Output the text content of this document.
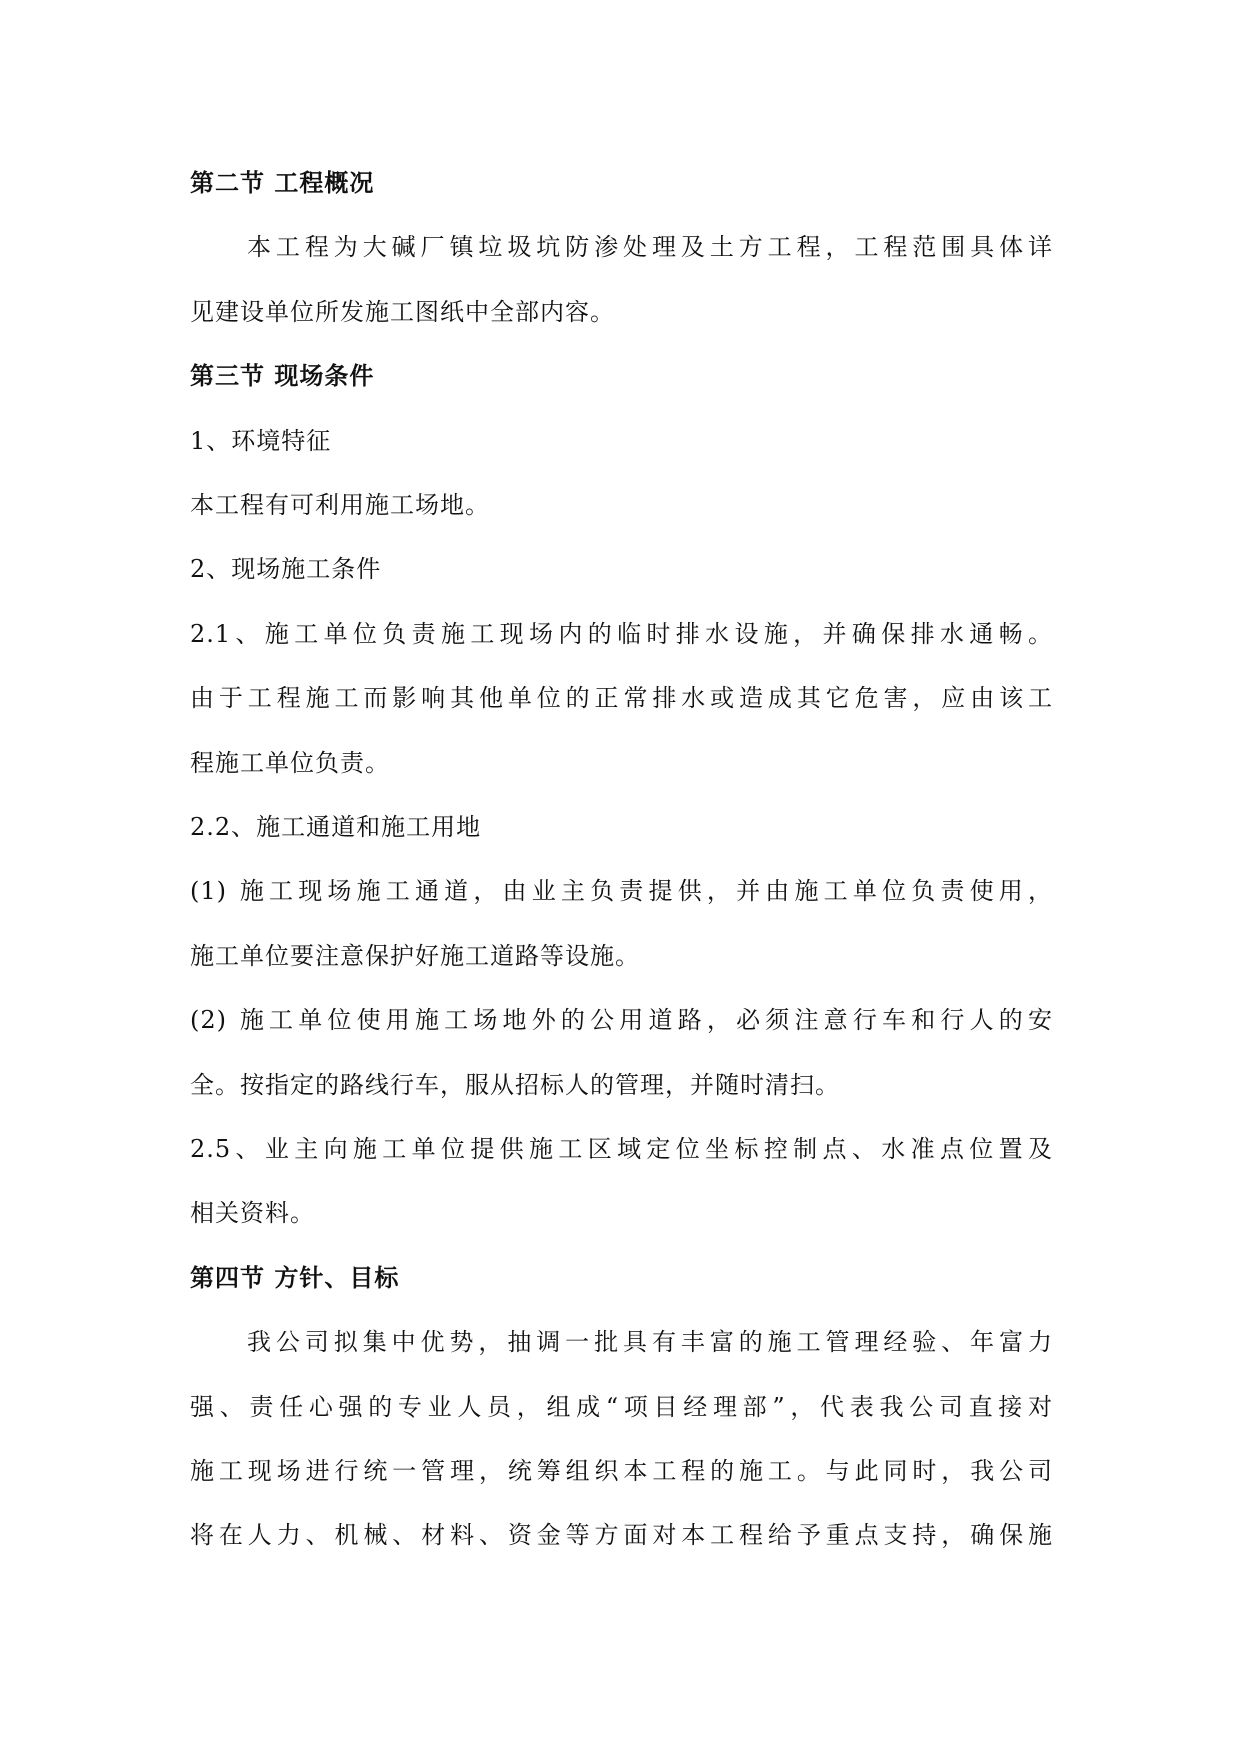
第二节 工程概况
本工程为大碱厂镇垃圾坑防渗处理及土方工程，工程范围具体详
见建设单位所发施工图纸中全部内容。
第三节 现场条件
1、环境特征
本工程有可利用施工场地。
2、现场施工条件
2.1、施工单位负责施工现场内的临时排水设施，并确保排水通畅。
由于工程施工而影响其他单位的正常排水或造成其它危害，应由该工
程施工单位负责。
2.2、施工通道和施工用地
(1) 施工现场施工通道，由业主负责提供，并由施工单位负责使用，
施工单位要注意保护好施工道路等设施。
(2) 施工单位使用施工场地外的公用道路，必须注意行车和行人的安
全。按指定的路线行车，服从招标人的管理，并随时清扫。
2.5、业主向施工单位提供施工区域定位坐标控制点、水准点位置及
相关资料。
第四节 方针、目标
我公司拟集中优势，抽调一批具有丰富的施工管理经验、年富力
强、责任心强的专业人员，组成“项目经理部”，代表我公司直接对
施工现场进行统一管理，统筹组织本工程的施工。与此同时，我公司
将在人力、机械、材料、资金等方面对本工程给予重点支持，确保施
